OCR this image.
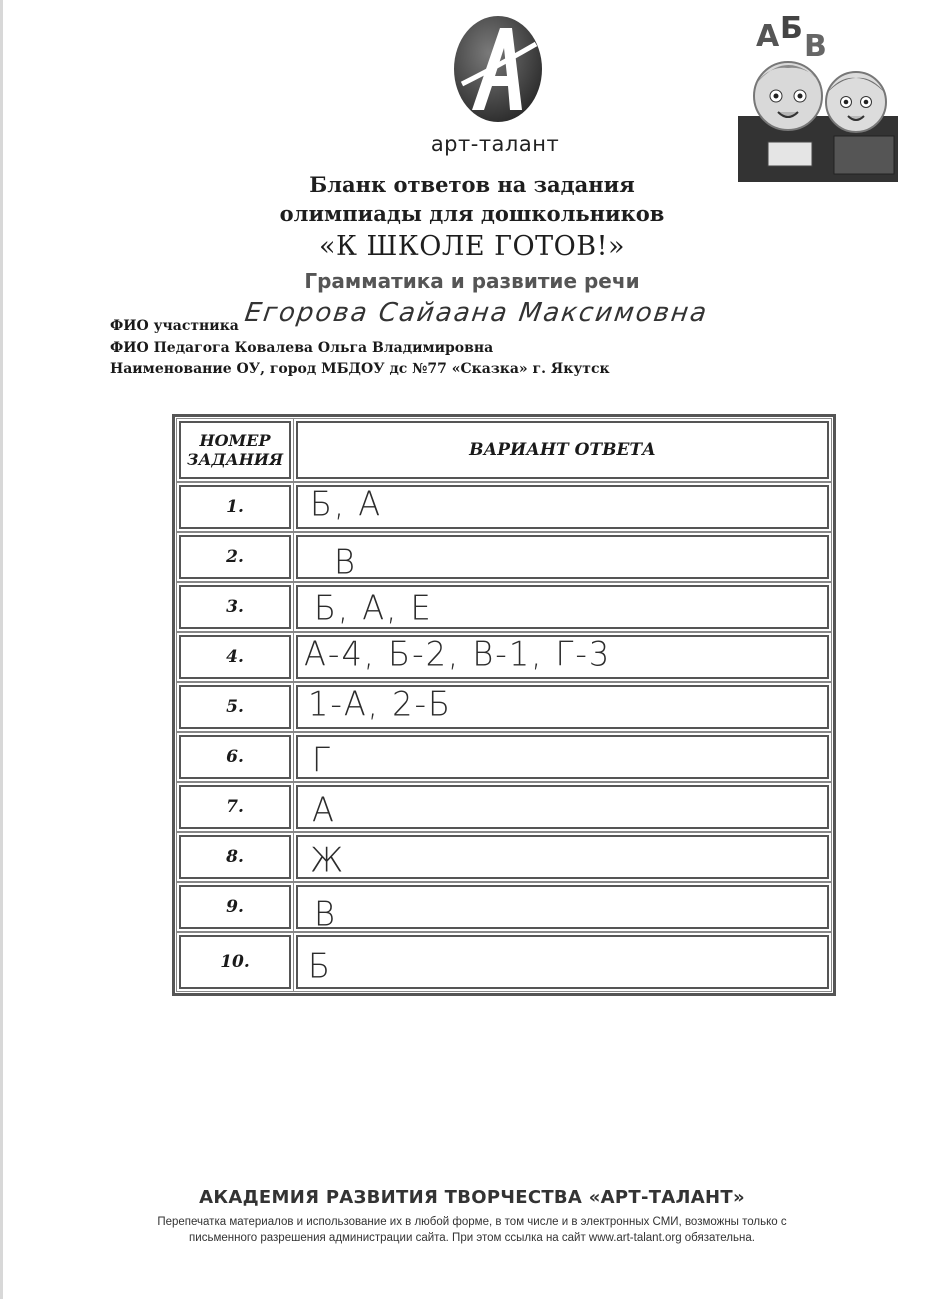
арт-талант
А Б
В
Бланк ответов на задания
олимпиады для дошкольников
«К ШКОЛЕ ГОТОВ!»
Грамматика и развитие речи
ФИО участника Егорова Сайаана Максимовна
ФИО Педагога Ковалева Ольга Владимировна
Наименование ОУ, город МБДОУ дс №77 «Сказка» г. Якутск
НОМЕР ЗАДАНИЯ	ВАРИАНТ ОТВЕТА
1.	Б, А
2.	В
3.	Б, А, Е
4.	А-4, Б-2, В-1, Г-3
5.	1-А, 2-Б
6.	Г
7.	А
8.	Ж
9.	В
10.	Б
АКАДЕМИЯ РАЗВИТИЯ ТВОРЧЕСТВА «АРТ-ТАЛАНТ»
Перепечатка материалов и использование их в любой форме, в том числе и в электронных СМИ, возможны только с письменного разрешения администрации сайта. При этом ссылка на сайт www.art-talant.org обязательна.
